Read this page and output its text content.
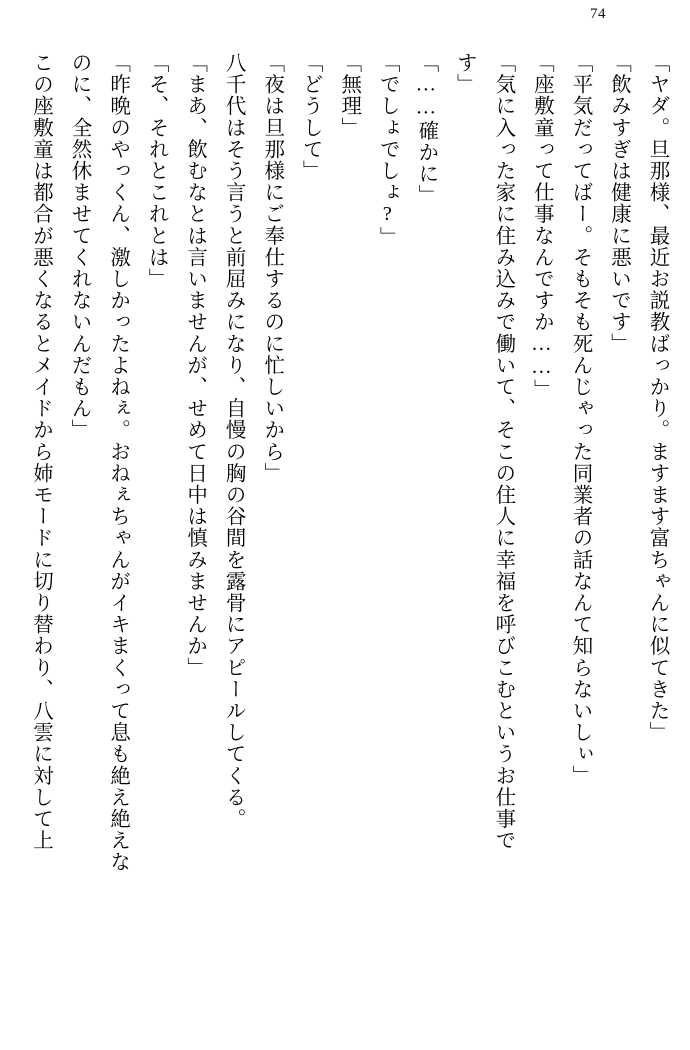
74

「ヤダ。旦那様、最近お説教ばっかり。ますます富ちゃんに似てきた」

「飲みすぎは健康に悪いです」

「平気だってばー。そもそも死んじゃった同業者の話なんて知らないしぃ」

「座敷童って仕事なんですか……」

「気に入った家に住み込みで働いて、そこの住人に幸福を呼びこむというお仕事で

す」

「……確かに」

「でしょでしょ?」

「無理」

「どうして」

「夜は旦那様にご奉仕するのに忙しいから」

八千代はそう言うと前屈みになり、自慢の胸の谷間を露骨にアピールしてくる。

「まあ、飲むなとは言いませんが、せめて日中は慎みませんか」

「そ、それとこれとは」

「昨晩のやっくん、激しかったよねぇ。おねぇちゃんがイキまくって息も絶え絶えな

のに、全然休ませてくれないんだもん」

この座敷童は都合が悪くなるとメイドから姉モードに切り替わり、八雲に対して上
